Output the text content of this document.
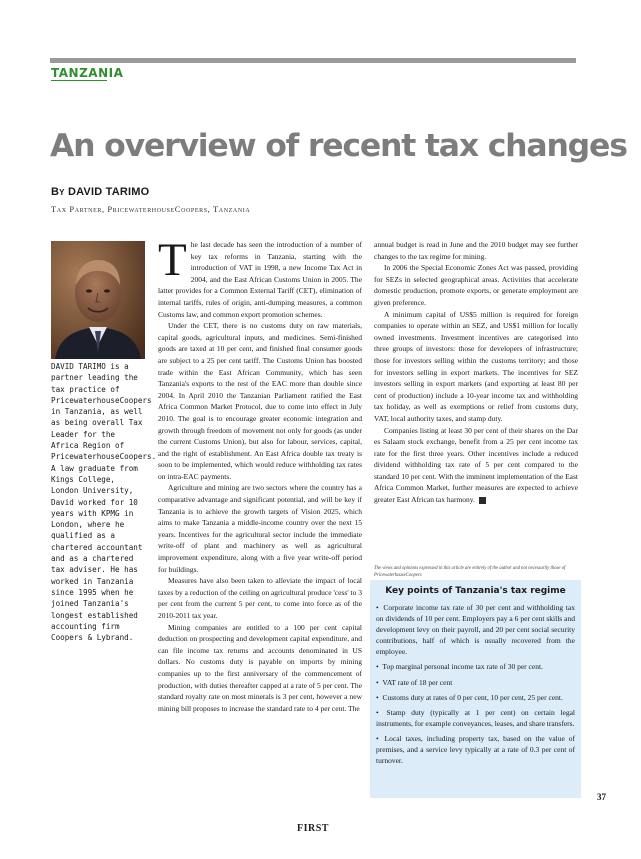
TANZANIA
An overview of recent tax changes
By DAVID TARIMO
Tax Partner, PricewaterhouseCoopers, Tanzania
DAVID TARIMO is a partner leading the tax practice of PricewaterhouseCoopers in Tanzania, as well as being overall Tax Leader for the Africa Region of PricewaterhouseCoopers. A law graduate from Kings College, London University, David worked for 10 years with KPMG in London, where he qualified as a chartered accountant and as a chartered tax adviser. He has worked in Tanzania since 1995 when he joined Tanzania's longest established accounting firm Coopers & Lybrand.

The last decade has seen the introduction of a number of key tax reforms in Tanzania, starting with the introduction of VAT in 1998, a new Income Tax Act in 2004, and the East African Customs Union in 2005. The latter provides for a Common External Tariff (CET), elimination of internal tariffs, rules of origin, anti-dumping measures, a common Customs law, and common export promotion schemes.

Under the CET, there is no customs duty on raw materials, capital goods, agricultural inputs, and medicines. Semi-finished goods are taxed at 10 per cent, and finished final consumer goods are subject to a 25 per cent tariff. The Customs Union has boosted trade within the East African Community, which has seen Tanzania's exports to the rest of the EAC more than double since 2004. In April 2010 the Tanzanian Parliament ratified the East Africa Common Market Protocol, due to come into effect in July 2010. The goal is to encourage greater economic integration and growth through freedom of movement not only for goods (as under the current Customs Union), but also for labour, services, capital, and the right of establishment. An East Africa double tax treaty is soon to be implemented, which would reduce withholding tax rates on intra-EAC payments.

Agriculture and mining are two sectors where the country has a comparative advantage and significant potential, and will be key if Tanzania is to achieve the growth targets of Vision 2025, which aims to make Tanzania a middle-income country over the next 15 years. Incentives for the agricultural sector include the immediate write-off of plant and machinery as well as agricultural improvement expenditure, along with a five year write-off period for buildings.

Measures have also been taken to alleviate the impact of local taxes by a reduction of the ceiling on agricultural produce 'cess' to 3 per cent from the current 5 per cent, to come into force as of the 2010-2011 tax year.

Mining companies are entitled to a 100 per cent capital deduction on prospecting and development capital expenditure, and can file income tax returns and accounts denominated in US dollars. No customs duty is payable on imports by mining companies up to the first anniversary of the commencement of production, with duties thereafter capped at a rate of 5 per cent. The standard royalty rate on most minerals is 3 per cent, however a new mining bill proposes to increase the standard rate to 4 per cent. The

annual budget is read in June and the 2010 budget may see further changes to the tax regime for mining.

In 2006 the Special Economic Zones Act was passed, providing for SEZs in selected geographical areas. Activities that accelerate domestic production, promote exports, or generate employment are given preference.

A minimum capital of US$5 million is required for foreign companies to operate within an SEZ, and US$1 million for locally owned investments. Investment incentives are categorised into three groups of investors: those for developers of infrastructure; those for investors selling within the customs territory; and those for investors selling in export markets. The incentives for SEZ investors selling in export markets (and exporting at least 80 per cent of production) include a 10-year income tax and withholding tax holiday, as well as exemptions or relief from customs duty, VAT, local authority taxes, and stamp duty.

Companies listing at least 30 per cent of their shares on the Dar es Salaam stock exchange, benefit from a 25 per cent income tax rate for the first three years. Other incentives include a reduced dividend withholding tax rate of 5 per cent compared to the standard 10 per cent. With the imminent implementation of the East Africa Common Market, further measures are expected to achieve greater East African tax harmony.	F

The views and opinions expressed in this article are entirely of the author and not necessarily those of PricewaterhouseCoopers
Key points of Tanzania's tax regime
• Corporate income tax rate of 30 per cent and withholding tax on dividends of 10 per cent. Employers pay a 6 per cent skills and development levy on their payroll, and 20 per cent social security contributions, half of which is usually recovered from the employee.
• Top marginal personal income tax rate of 30 per cent.
• VAT rate of 18 per cent
• Customs duty at rates of 0 per cent, 10 per cent, 25 per cent.
• Stamp duty (typically at 1 per cent) on certain legal instruments, for example conveyances, leases, and share transfers.
• Local taxes, including property tax, based on the value of premises, and a service levy typically at a rate of 0.3 per cent of turnover.
37
FIRST
